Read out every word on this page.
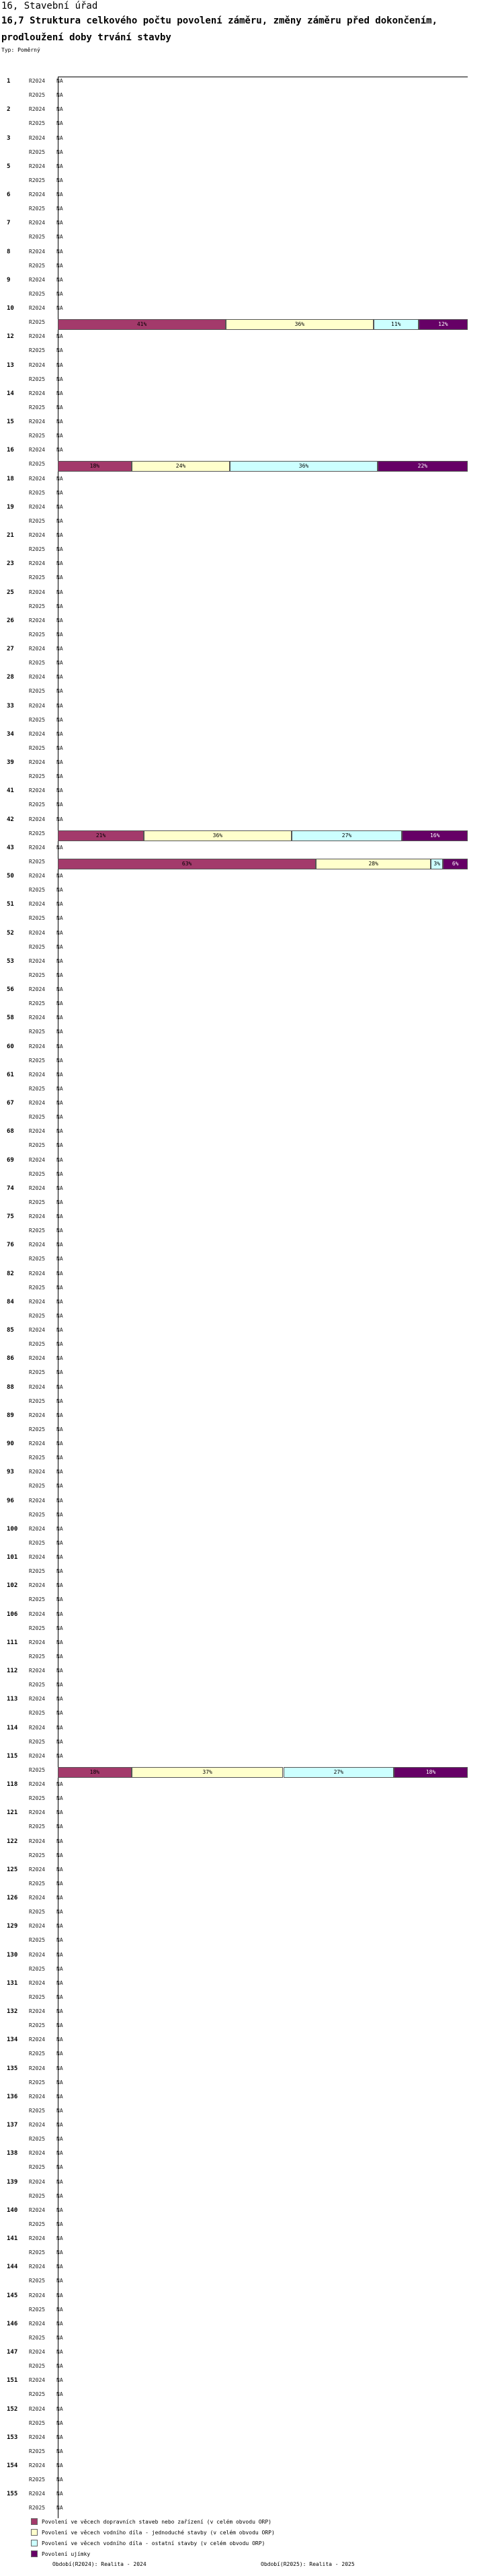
16, Stavební úřad
16,7 Struktura celkového počtu povolení záměru, změny záměru před dokončením, prodloužení doby trvání stavby
Typ: Poměrný
1	R2024 NA
R2025 NA
2	R2024 NA
R2025 NA
3	R2024 NA
R2025 NA
5	R2024 NA
R2025 NA
6	R2024 NA
R2025 NA
7	R2024 NA
R2025 NA
8	R2024 NA
R2025 NA
9	R2024 NA
R2025 NA
10	R2024 NA
R2025	41%	36%	11%	12%
12	R2024 NA
R2025 NA
13	R2024 NA
R2025 NA
14	R2024 NA
R2025 NA
15	R2024 NA
R2025 NA
16	R2024 NA
R2025	18%	24%	36%	22%
18	R2024 NA
R2025 NA
19	R2024 NA
R2025 NA
21	R2024 NA
R2025 NA
23	R2024 NA
R2025 NA
25	R2024 NA
R2025 NA
26	R2024 NA
R2025 NA
27	R2024 NA
R2025 NA
28	R2024 NA
R2025 NA
33	R2024 NA
R2025 NA
34	R2024 NA
R2025 NA
39	R2024 NA
R2025 NA
41	R2024 NA
R2025 NA
42	R2024 NA
R2025	21%	36%	27%	16%
43	R2024 NA
R2025	63%	28%	3%	6%
50	R2024 NA
R2025 NA
51	R2024 NA
R2025 NA
52	R2024 NA
R2025 NA
53	R2024 NA
R2025 NA
56	R2024 NA
R2025 NA
58	R2024 NA
R2025 NA
60	R2024 NA
R2025 NA
61	R2024 NA
R2025 NA
67	R2024 NA
R2025 NA
68	R2024 NA
R2025 NA
69	R2024 NA
R2025 NA
74	R2024 NA
R2025 NA
75	R2024 NA
R2025 NA
76	R2024 NA
R2025 NA
82	R2024 NA
R2025 NA
84	R2024 NA
R2025 NA
85	R2024 NA
R2025 NA
86	R2024 NA
R2025 NA
88	R2024 NA
R2025 NA
89	R2024 NA
R2025 NA
90	R2024 NA
R2025 NA
93	R2024 NA
R2025 NA
96	R2024 NA
R2025 NA
100 R2024 NA
R2025 NA
101 R2024 NA
R2025 NA
102 R2024 NA
R2025 NA
106 R2024 NA
R2025 NA
111 R2024 NA
R2025 NA
112 R2024 NA
R2025 NA
113 R2024 NA
R2025 NA
114 R2024 NA
R2025 NA
115 R2024 NA
R2025	18%	37%	27%	18%
118 R2024 NA
R2025 NA
121 R2024 NA
R2025 NA
122 R2024 NA
R2025 NA
125 R2024 NA
R2025 NA
126 R2024 NA
R2025 NA
129 R2024 NA
R2025 NA
130 R2024 NA
R2025 NA
131 R2024 NA
R2025 NA
132 R2024 NA
R2025 NA
134 R2024 NA
R2025 NA
135 R2024 NA
R2025 NA
136 R2024 NA
R2025 NA
137 R2024 NA
R2025 NA
138 R2024 NA
R2025 NA
139 R2024 NA
R2025 NA
140 R2024 NA
R2025 NA
141 R2024 NA
R2025 NA
144 R2024 NA
R2025 NA
145 R2024 NA
R2025 NA
146 R2024 NA
R2025 NA
147 R2024 NA
R2025 NA
151 R2024 NA
R2025 NA
152 R2024 NA
R2025 NA
153 R2024 NA
R2025 NA
154 R2024 NA
R2025 NA
155 R2024 NA
R2025 NA
Povolení ve věcech dopravních staveb nebo zařízení (v celém obvodu ORP)
Povolení ve věcech vodního díla - jednoduché stavby (v celém obvodu ORP)
Povolení ve věcech vodního díla - ostatní stavby (v celém obvodu ORP)
Povolení ujímky
Období(R2024): Realita - 2024	Období(R2025): Realita - 2025
